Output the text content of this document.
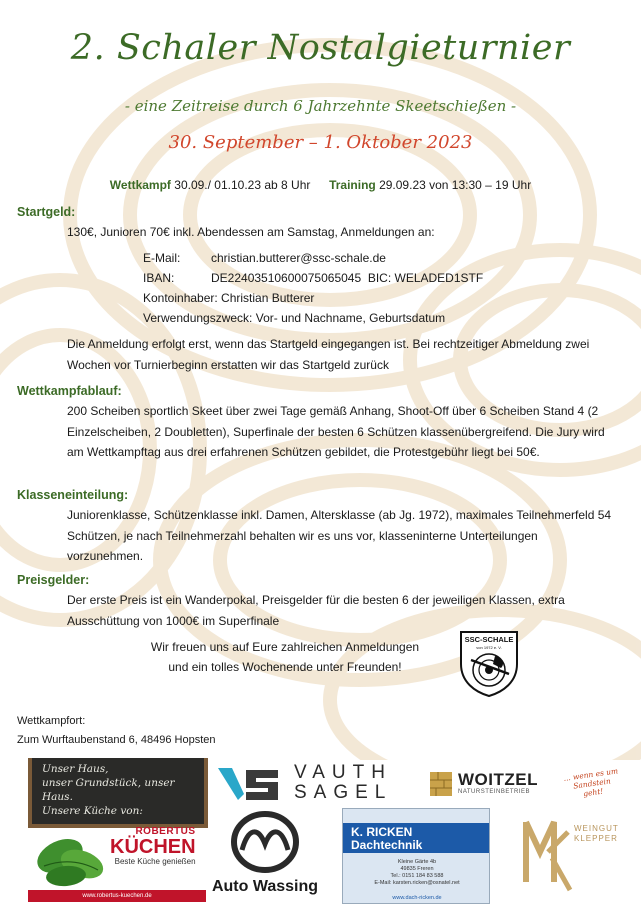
2. Schaler Nostalgieturnier
- eine Zeitreise durch 6 Jahrzehnte Skeetschießen -
30. September – 1. Oktober 2023
Wettkampf 30.09./ 01.10.23 ab 8 Uhr Training 29.09.23 von 13:30 – 19 Uhr
Startgeld:
130€, Junioren 70€ inkl. Abendessen am Samstag, Anmeldungen an:
E-Mail:	christian.butterer@ssc-schale.de
IBAN:	DE22403510600075065045  BIC: WELADED1STF
Kontoinhaber: Christian Butterer
Verwendungszweck: Vor- und Nachname, Geburtsdatum
Die Anmeldung erfolgt erst, wenn das Startgeld eingegangen ist. Bei rechtzeitiger Abmeldung zwei Wochen vor Turnierbeginn erstatten wir das Startgeld zurück
Wettkampfablauf:
200 Scheiben sportlich Skeet über zwei Tage gemäß Anhang, Shoot-Off über 6 Scheiben Stand 4 (2 Einzelscheiben, 2 Doubletten), Superfinale der besten 6 Schützen klassenübergreifend. Die Jury wird am Wettkampftag aus drei erfahrenen Schützen gebildet, die Protestgebühr liegt bei 50€.
Klasseneinteilung:
Juniorenklasse, Schützenklasse inkl. Damen, Altersklasse (ab Jg. 1972), maximales Teilnehmerfeld 54 Schützen, je nach Teilnehmerzahl behalten wir es uns vor, klasseninterne Unterteilungen vorzunehmen.
Preisgelder:
Der erste Preis ist ein Wanderpokal, Preisgelder für die besten 6 der jeweiligen Klassen, extra Ausschüttung von 1000€ im Superfinale
Wir freuen uns auf Eure zahlreichen Anmeldungen
und ein tolles Wochenende unter Freunden!
SSC-SCHALE
von 1972 e. V.
Wettkampfort:
Zum Wurftaubenstand 6, 48496 Hopsten
Unser Haus,
unser Grundstück, unser Haus.
Unsere Küche von:
ROBERTUS
KÜCHEN
Beste Küche genießen
www.robertus-kuechen.de
VAUTH
SAGEL
WOITZEL
NATURSTEINBETRIEB
... wenn es um Sandstein geht!
Auto Wassing
K. RICKEN
Dachtechnik
Kleine Gärte 4b
49835 Freren
Tel.: 0151 184 83 588
E-Mail: karsten.ricken@osnatel.net
www.dach-ricken.de
WEINGUT
KLEPPER
